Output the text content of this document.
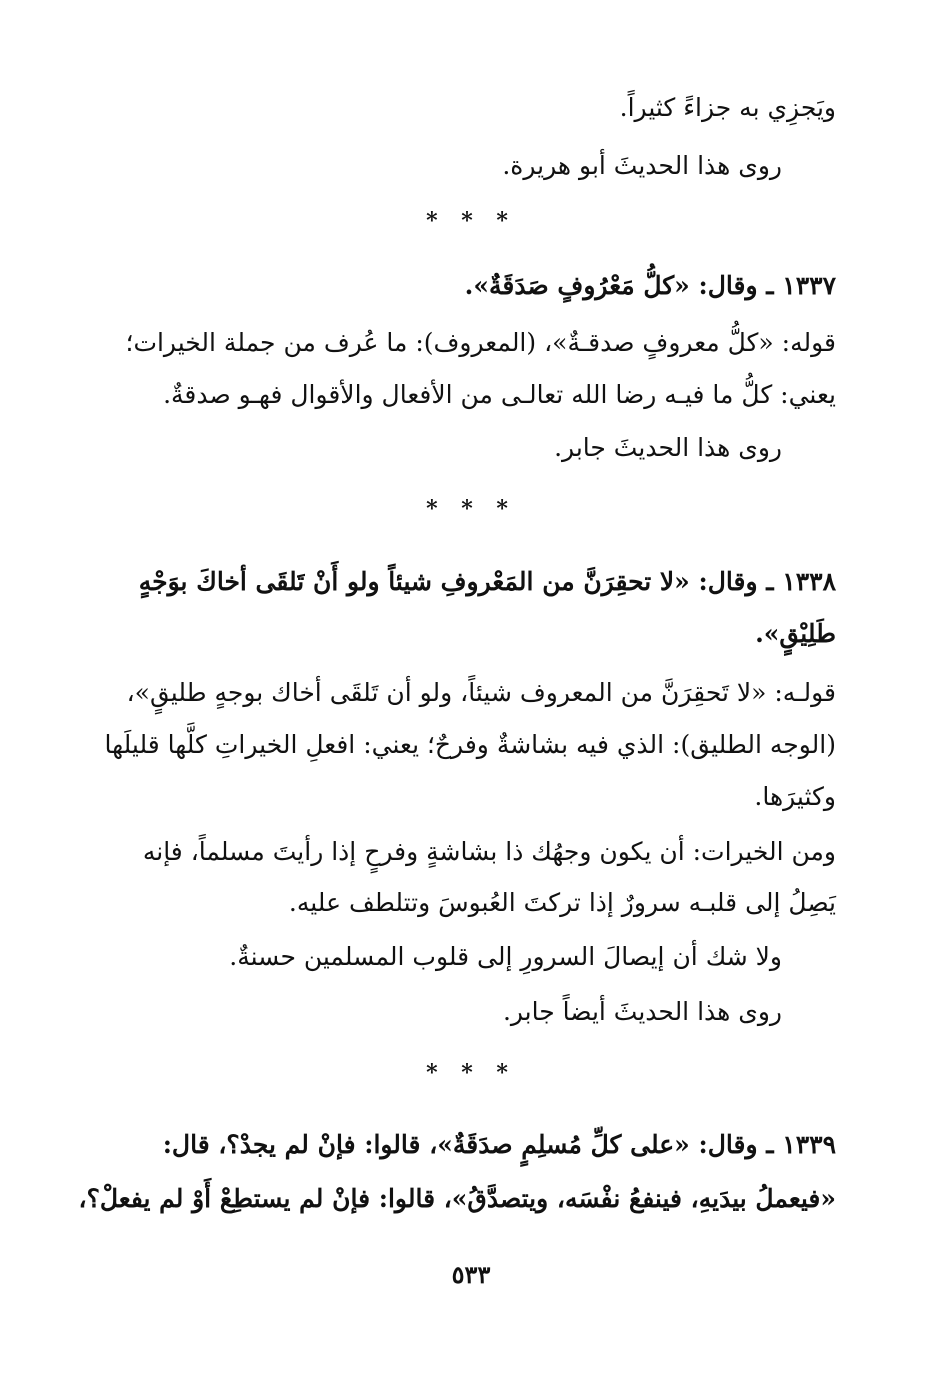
ويَجزِي به جزاءً كثيراً.
روى هذا الحديثَ أبو هريرة.
* * *
١٣٣٧ ـ وقال: «كلُّ مَعْرُوفٍ صَدَقَةٌ».
قوله: «كلُّ معروفٍ صدقـةٌ»، (المعروف): ما عُرف من جملة الخيرات؛
يعني: كلُّ ما فيـه رضا الله تعالـى من الأفعال والأقوال فهـو صدقةٌ.
روى هذا الحديثَ جابر.
* * *
١٣٣٨ ـ وقال: «لا تحقِرَنَّ من المَعْروفِ شيئاً ولو أَنْ تَلقَى أخاكَ بوَجْهٍ
طَلِيْقٍ».
قولـه: «لا تَحقِرَنَّ من المعروف شيئاً، ولو أن تَلقَى أخاك بوجهٍ طليقٍ»،
(الوجه الطليق): الذي فيه بشاشةٌ وفرحٌ؛ يعني: افعلِ الخيراتِ كلَّها قليلَها
وكثيرَها.
ومن الخيرات: أن يكون وجهُك ذا بشاشةٍ وفرحٍ إذا رأيتَ مسلماً، فإنه
يَصِلُ إلى قلبـه سرورٌ إذا تركتَ العُبوسَ وتتلطف عليه.
ولا شك أن إيصالَ السرورِ إلى قلوب المسلمين حسنةٌ.
روى هذا الحديثَ أيضاً جابر.
* * *
١٣٣٩ ـ وقال: «على كلِّ مُسلِمٍ صدَقَةٌ»، قالوا: فإنْ لم يجدْ؟، قال:
«فيعملُ بيدَيهِ، فينفعُ نفْسَه، ويتصدَّقُ»، قالوا: فإنْ لم يستطِعْ أَوْ لم يفعلْ؟،
٥٣٣
